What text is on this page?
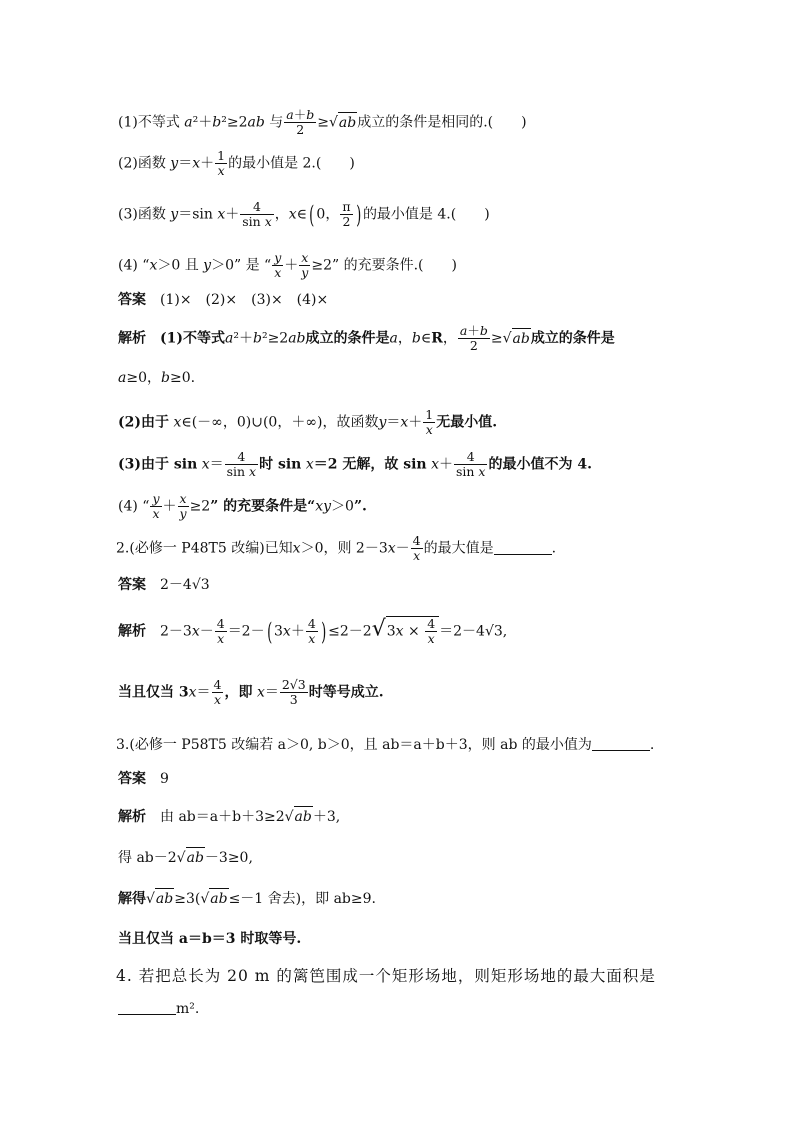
(1)不等式 a²＋b²≥2ab 与 $\frac{a+b}{2} \ge√ab$成立的条件是相同的.(　　)
(2)函数 $y=x+ \frac{1}{x}$ 的最小值是 2.(　　)
(3)函数 y＝sin $x+ \frac{4}{\text{sin x}}$ ，x∈( 0， $\frac{\pi}{2}$ ) 的最小值是 4.(　　)
(4) “x＞0 且 y＞0” 是 “ $\frac{y}{x} + \frac{x}{y} \ge 2$” 的充要条件.(　　)
答案　 (1)×　(2)×　(3)×　(4)×
解析　 (1)不等式a²＋b²≥2ab成立的条件是a，b∈R， $\frac{a+b}{2} \ge√ab$成立的条件是
a≥0，b≥0.
(2)由于 x∈(－∞，0)∪(0，＋∞)，故函数$y=x+ \frac{1}{x}$ 无最小值.
(3)由于 $\sin x= \frac{4}{\text{sin x}}$ 时 sin x＝2 无解，故 $\sin x+ \frac{4}{\text{sin x}}$ 的最小值不为 4.
(4) “ $\frac{y}{x} + \frac{x}{y} \ge 2$” 的充要条件是“xy＞0”.
2.(必修一 P48T5 改编)已知x＞0，则 $2-3x- \frac{4}{x}$ 的最大值是	.
答案　 2－4√3
解析　$2-3x- \frac{4}{x} =2-$( $3x+ \frac{4}{x}$ ) $\le 2-2√3x \times \frac{4}{x} =2-4√3$,
当且仅当 $3x= \frac{4}{x}$ ，即 $x= \frac{2√3}{3}$ 时等号成立.
3.(必修一 P58T5 改编若 a＞0, b＞0，且 ab＝a＋b＋3，则 ab 的最小值为	.
答案　 9
解析　 由 ab＝a＋b＋3≥2√ab＋3,
得 ab－2√ab－3≥0,
解得√ab≥3(√ab≤－1 舍去)，即 ab≥9.
当且仅当 a＝b＝3 时取等号.
4. 若把总长为 20 m 的篱笆围成一个矩形场地，则矩形场地的最大面积是
m².
